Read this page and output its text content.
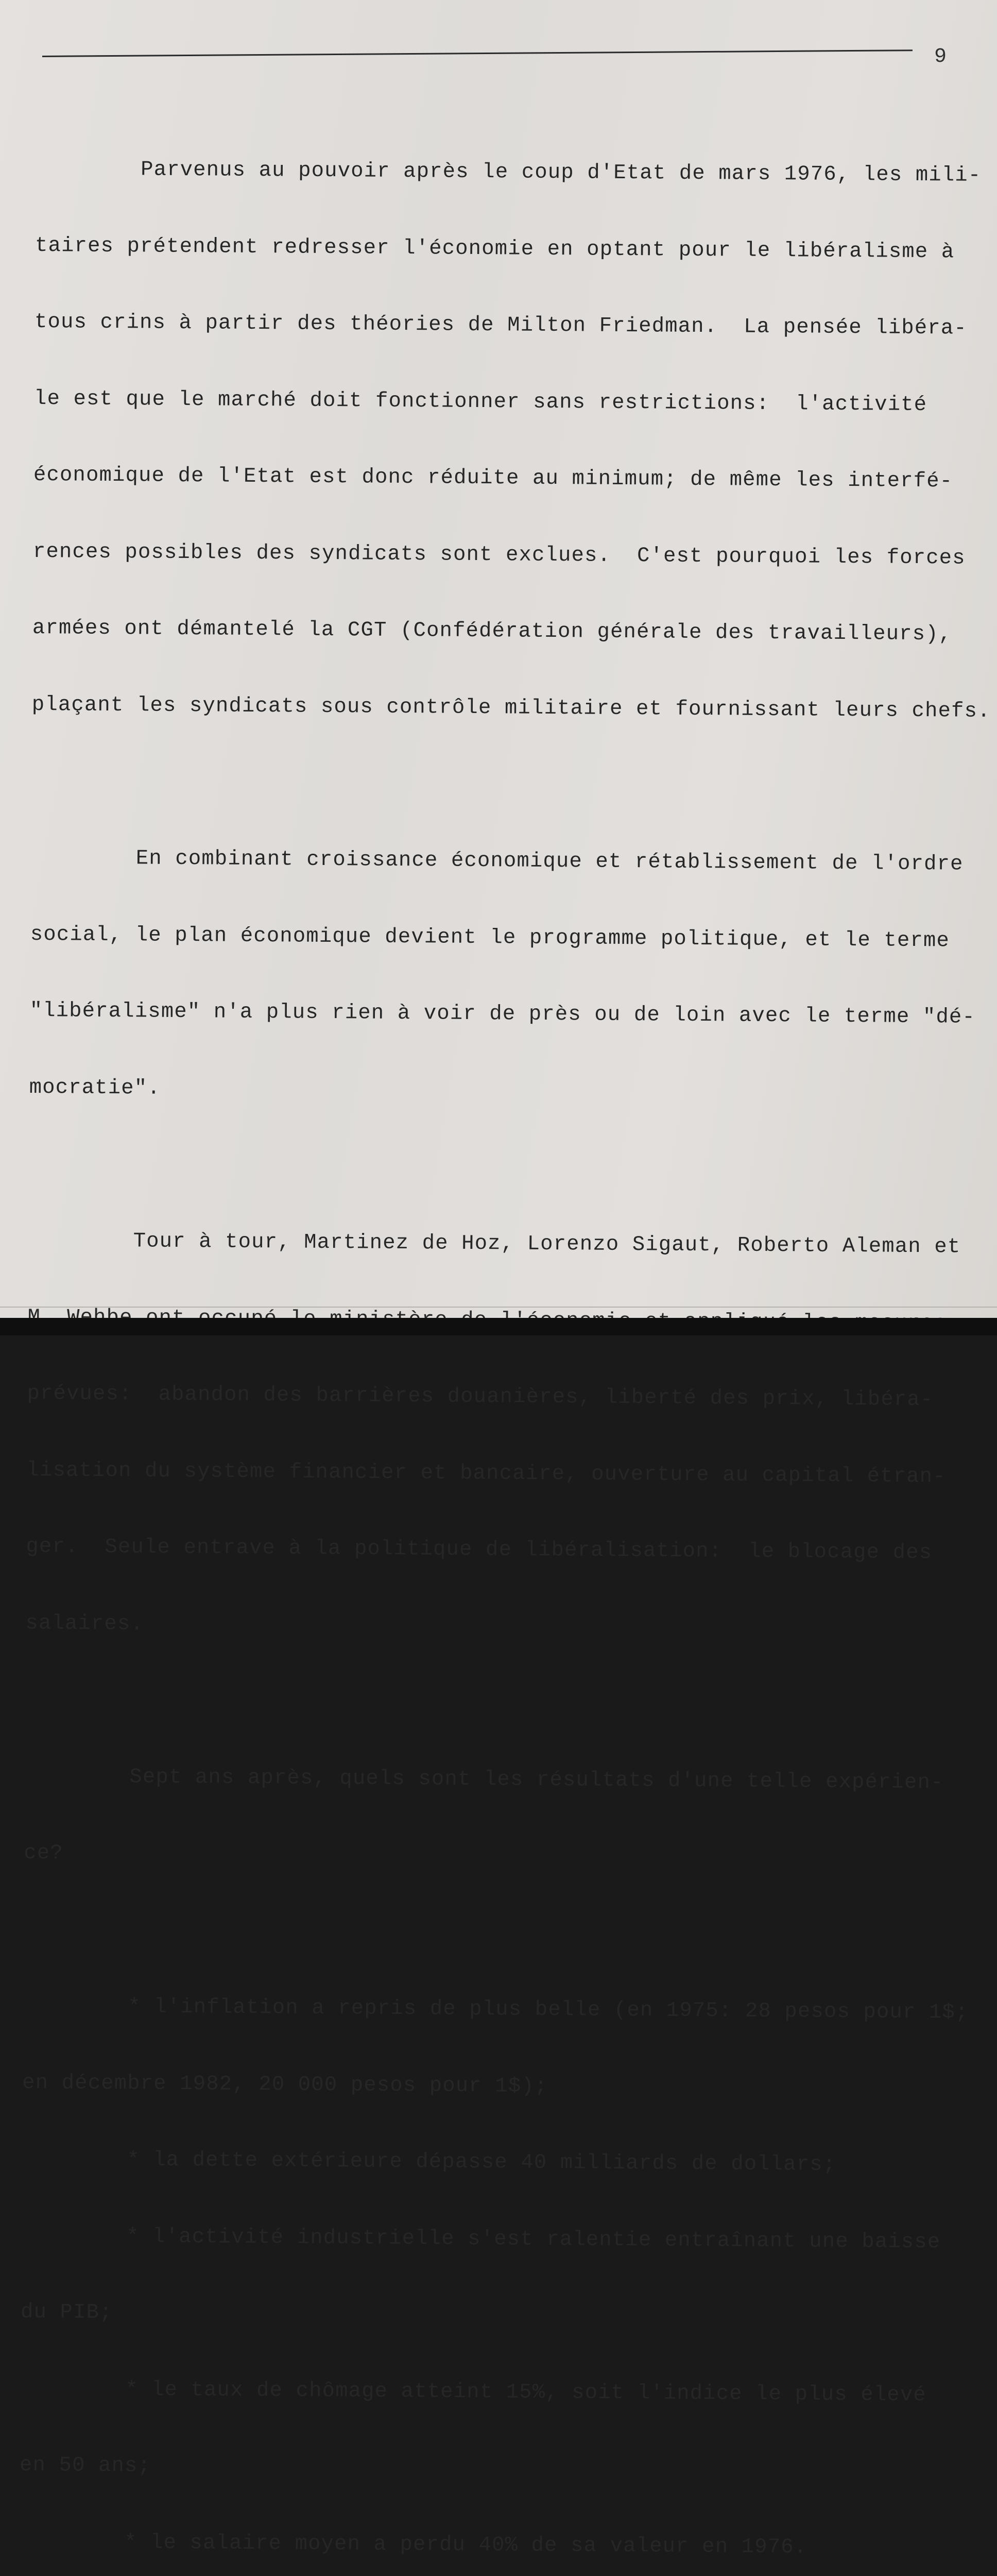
9

Parvenus au pouvoir après le coup d'Etat de mars 1976, les mili-

taires prétendent redresser l'économie en optant pour le libéralisme à

tous crins à partir des théories de Milton Friedman.  La pensée libéra-

le est que le marché doit fonctionner sans restrictions:  l'activité

économique de l'Etat est donc réduite au minimum; de même les interfé-

rences possibles des syndicats sont exclues.  C'est pourquoi les forces

armées ont démantelé la CGT (Confédération générale des travailleurs),

plaçant les syndicats sous contrôle militaire et fournissant leurs chefs.

En combinant croissance économique et rétablissement de l'ordre

social, le plan économique devient le programme politique, et le terme

"libéralisme" n'a plus rien à voir de près ou de loin avec le terme "dé-

mocratie".

Tour à tour, Martinez de Hoz, Lorenzo Sigaut, Roberto Aleman et

prévues:  abandon des barrières douanières, liberté des prix, libéra-

lisation du système financier et bancaire, ouverture au capital étran-

ger.  Seule entrave à la politique de libéralisation:  le blocage des

salaires.

Sept ans après, quels sont les résultats d'une telle expérien-

ce?

* l'inflation a repris de plus belle (en 1975: 28 pesos pour 1$;

en décembre 1982, 20 000 pesos pour 1$);

* la dette extérieure dépasse 40 milliards de dollars;

* l'activité industrielle s'est ralentie entraînant une baisse

du PIB;

* le taux de chômage atteint 15%, soit l'indice le plus élevé

en 50 ans;

* le salaire moyen a perdu 40% de sa valeur en 1976.
